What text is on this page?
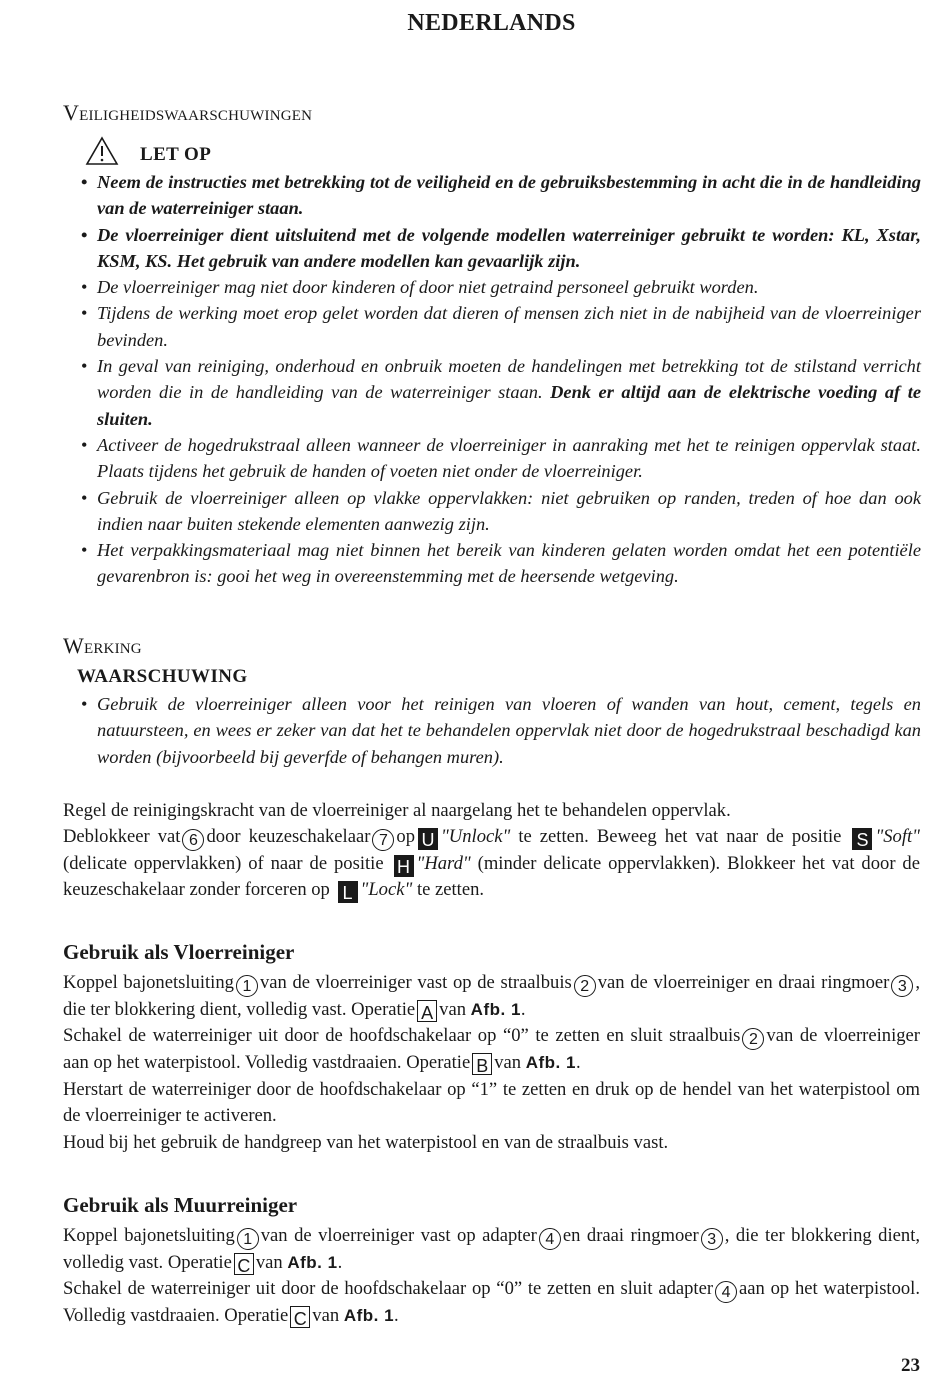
NEDERLANDS
Veiligheidswaarschuwingen
LET OP
• Neem de instructies met betrekking tot de veiligheid en de gebruiksbestemming in acht die in de handleiding van de waterreiniger staan.
• De vloerreiniger dient uitsluitend met de volgende modellen waterreiniger gebruikt te worden: KL, Xstar, KSM, KS. Het gebruik van andere modellen kan gevaarlijk zijn.
• De vloerreiniger mag niet door kinderen of door niet getraind personeel gebruikt worden.
• Tijdens de werking moet erop gelet worden dat dieren of mensen zich niet in de nabijheid van de vloerreiniger bevinden.
• In geval van reiniging, onderhoud en onbruik moeten de handelingen met betrekking tot de stilstand verricht worden die in de handleiding van de waterreiniger staan. Denk er altijd aan de elektrische voeding af te sluiten.
• Activeer de hogedrukstraal alleen wanneer de vloerreiniger in aanraking met het te reinigen oppervlak staat. Plaats tijdens het gebruik de handen of voeten niet onder de vloerreiniger.
• Gebruik de vloerreiniger alleen op vlakke oppervlakken: niet gebruiken op randen, treden of hoe dan ook indien naar buiten stekende elementen aanwezig zijn.
• Het verpakkingsmateriaal mag niet binnen het bereik van kinderen gelaten worden omdat het een potentiële gevarenbron is: gooi het weg in overeenstemming met de heersende wetgeving.
Werking
WAARSCHUWING
• Gebruik de vloerreiniger alleen voor het reinigen van vloeren of wanden van hout, cement, tegels en natuursteen, en wees er zeker van dat het te behandelen oppervlak niet door de hogedrukstraal beschadigd kan worden (bijvoorbeeld bij geverfde of behangen muren).

Regel de reinigingskracht van de vloerreiniger al naargelang het te behandelen oppervlak.

Deblokkeer vat 6 door keuzeschakelaar 7 op U "Unlock" te zetten. Beweeg het vat naar de positie S "Soft" (delicate oppervlakken) of naar de positie H "Hard" (minder delicate oppervlakken). Blokkeer het vat door de keuzeschakelaar zonder forceren op L "Lock" te zetten.

Gebruik als Vloerreiniger

Koppel bajonetsluiting 1 van de vloerreiniger vast op de straalbuis 2 van de vloerreiniger en draai ringmoer 3 , die ter blokkering dient, volledig vast. Operatie A van Afb. 1.
Schakel de waterreiniger uit door de hoofdschakelaar op “0” te zetten en sluit straalbuis 2 van de vloerreiniger aan op het waterpistool. Volledig vastdraaien. Operatie B van Afb. 1.
Herstart de waterreiniger door de hoofdschakelaar op “1” te zetten en druk op de hendel van het waterpistool om de vloerreiniger te activeren.
Houd bij het gebruik de handgreep van het waterpistool en van de straalbuis vast.

Gebruik als Muurreiniger

Koppel bajonetsluiting 1 van de vloerreiniger vast op adapter 4 en draai ringmoer 3 , die ter blokkering dient, volledig vast. Operatie C van Afb. 1.
Schakel de waterreiniger uit door de hoofdschakelaar op “0” te zetten en sluit adapter 4 aan op het waterpistool. Volledig vastdraaien. Operatie C van Afb. 1.

23
